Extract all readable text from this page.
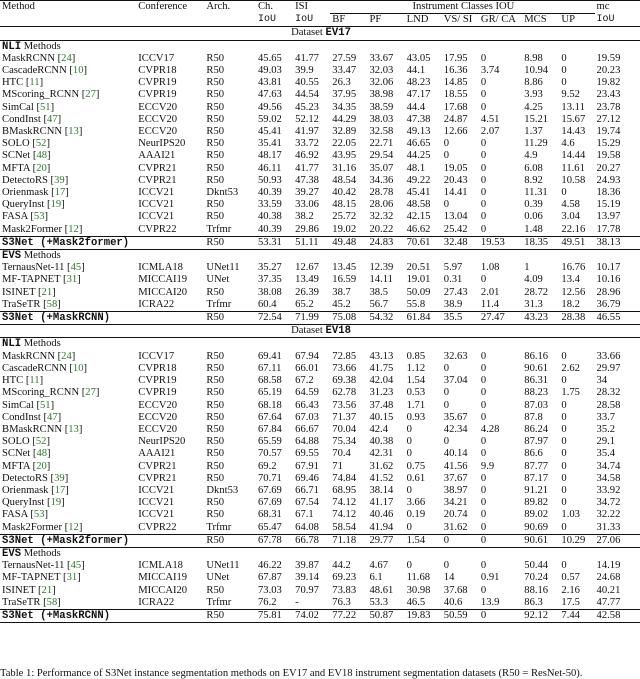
Method	Conference	Arch.	Ch.	ISI	Instrument Classes IOU							mc
			IoU	IoU	BF	PF	LND	VS/ SI	GR/ CA	MCS	UP	IoU
Dataset EV17												
NLI Methods												
MaskRCNN [24]	ICCV17	R50	45.65	41.77	27.59	33.67	43.05	17.95	0	8.98	0	19.59
CascadeRCNN [10]	CVPR18	R50	49.03	39.9	33.47	32.03	44.1	16.36	3.74	10.94	0	20.23
HTC [11]	CVPR19	R50	43.81	40.55	26.3	32.06	48.23	14.85	0	8.86	0	19.82
MScoring_RCNN [27]	CVPR19	R50	47.63	44.54	37.95	38.98	47.17	18.55	0	3.93	9.52	23.43
SimCal [51]	ECCV20	R50	49.56	45.23	34.35	38.59	44.4	17.68	0	4.25	13.11	23.78
CondInst [47]	ECCV20	R50	59.02	52.12	44.29	38.03	47.38	24.87	4.51	15.21	15.67	27.12
BMaskRCNN [13]	ECCV20	R50	45.41	41.97	32.89	32.58	49.13	12.66	2.07	1.37	14.43	19.74
SOLO [52]	NeurIPS20	R50	35.41	33.72	22.05	22.71	46.65	0	0	11.29	4.6	15.29
SCNet [48]	AAAI21	R50	48.17	46.92	43.95	29.54	44.25	0	0	4.9	14.44	19.58
MFTA [20]	CVPR21	R50	46.11	41.77	31.16	35.07	48.1	19.05	0	6.08	11.61	20.27
DetectoRS [39]	CVPR21	R50	50.93	47.38	48.54	34.36	49.22	20.43	0	8.92	10.58	24.93
Orienmask [17]	ICCV21	Dknt53	40.39	39.27	40.42	28.78	45.41	14.41	0	11.31	0	18.36
QueryInst [19]	ICCV21	R50	33.59	33.06	48.15	28.06	48.58	0	0	0.39	4.58	15.19
FASA [53]	ICCV21	R50	40.38	38.2	25.72	32.32	42.15	13.04	0	0.06	3.04	13.97
Mask2Former [12]	CVPR22	Trfmr	40.39	29.86	19.02	20.22	46.62	25.42	0	1.48	22.16	17.78
S3Net (+Mask2former)		R50	53.31	51.11	49.48	24.83	70.61	32.48	19.53	18.35	49.51	38.13
EVS Methods												
TernausNet-11 [45]	ICMLA18	UNet11	35.27	12.67	13.45	12.39	20.51	5.97	1.08	1	16.76	10.17
MF-TAPNET [31]	MICCAI19	UNet	37.35	13.49	16.59	14.11	19.01	0.31	0	4.09	13.4	10.16
ISINET [21]	MICCAI20	R50	38.08	26.39	38.7	38.5	50.09	27.43	2.01	28.72	12.56	28.96
TraSeTR [58]	ICRA22	Trfmr	60.4	65.2	45.2	56.7	55.8	38.9	11.4	31.3	18.2	36.79
S3Net (+MaskRCNN)		R50	72.54	71.99	75.08	54.32	61.84	35.5	27.47	43.23	28.38	46.55
Dataset EV18												
NLI Methods												
MaskRCNN [24]	ICCV17	R50	69.41	67.94	72.85	43.13	0.85	32.63	0	86.16	0	33.66
CascadeRCNN [10]	CVPR18	R50	67.11	66.01	73.66	41.75	1.12	0	0	90.61	2.62	29.97
HTC [11]	CVPR19	R50	68.58	67.2	69.38	42.04	1.54	37.04	0	86.31	0	34
MScoring_RCNN [27]	CVPR19	R50	65.19	64.59	62.78	31.23	0.53	0	0	88.23	1.75	28.32
SimCal [51]	ECCV20	R50	68.18	66.43	73.56	37.48	1.71	0	0	87.03	0	28.58
CondInst [47]	ECCV20	R50	67.64	67.03	71.37	40.15	0.93	35.67	0	87.8	0	33.7
BMaskRCNN [13]	ECCV20	R50	67.84	66.67	70.04	42.4	0	42.34	4.28	86.24	0	35.2
SOLO [52]	NeurIPS20	R50	65.59	64.88	75.34	40.38	0	0	0	87.97	0	29.1
SCNet [48]	AAAI21	R50	70.57	69.55	70.4	42.31	0	40.14	0	86.6	0	35.4
MFTA [20]	CVPR21	R50	69.2	67.91	71	31.62	0.75	41.56	9.9	87.77	0	34.74
DetectoRS [39]	CVPR21	R50	70.71	69.46	74.84	41.52	0.61	37.67	0	87.17	0	34.58
Orienmask [17]	ICCV21	Dknt53	67.69	66.71	68.95	38.14	0	38.97	0	91.21	0	33.92
QueryInst [19]	ICCV21	R50	67.69	67.54	74.12	41.17	3.66	34.21	0	89.82	0	34.72
FASA [53]	ICCV21	R50	68.31	67.1	74.12	40.46	0.19	20.74	0	89.02	1.03	32.22
Mask2Former [12]	CVPR22	Trfmr	65.47	64.08	58.54	41.94	0	31.62	0	90.69	0	31.33
S3Net (+Mask2former)		R50	67.78	66.78	71.18	29.77	1.54	0	0	90.61	10.29	27.06
EVS Methods												
TernausNet-11 [45]	ICMLA18	UNet11	46.22	39.87	44.2	4.67	0	0	0	50.44	0	14.19
MF-TAPNET [31]	MICCAI19	UNet	67.87	39.14	69.23	6.1	11.68	14	0.91	70.24	0.57	24.68
ISINET [21]	MICCAI20	R50	73.03	70.97	73.83	48.61	30.98	37.68	0	88.16	2.16	40.21
TraSeTR [58]	ICRA22	Trfmr	76.2	-	76.3	53.3	46.5	40.6	13.9	86.3	17.5	47.77
S3Net (+MaskRCNN)		R50	75.81	74.02	77.22	50.87	19.83	50.59	0	92.12	7.44	42.58
Table 1: Performance of S3Net instance segmentation methods on EV17 and EV18 instrument segmentation datasets (R50 = ResNet-50).
